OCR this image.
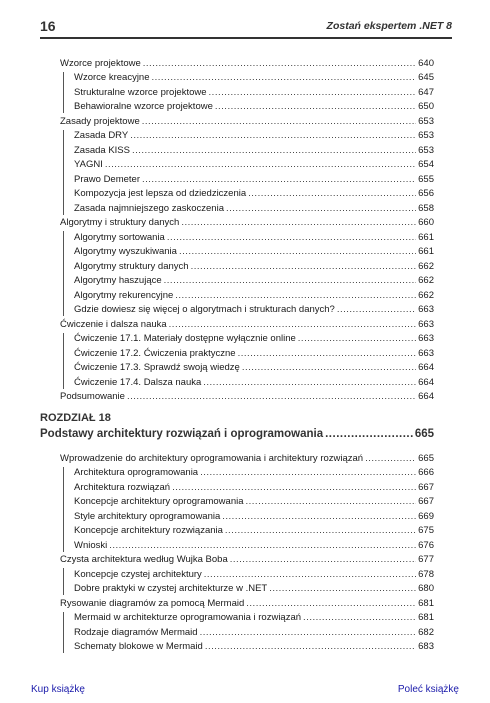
16	Zostań ekspertem .NET 8
Wzorce projektowe .....	640
Wzorce kreacyjne .....	645
Strukturalne wzorce projektowe .....	647
Behawioralne wzorce projektowe .....	650
Zasady projektowe .....	653
Zasada DRY .....	653
Zasada KISS .....	653
YAGNI .....	654
Prawo Demeter .....	655
Kompozycja jest lepsza od dziedziczenia .....	656
Zasada najmniejszego zaskoczenia .....	658
Algorytmy i struktury danych .....	660
Algorytmy sortowania .....	661
Algorytmy wyszukiwania .....	661
Algorytmy struktury danych .....	662
Algorytmy haszujące .....	662
Algorytmy rekurencyjne .....	662
Gdzie dowiesz się więcej o algorytmach i strukturach danych? .....	663
Ćwiczenie i dalsza nauka .....	663
Ćwiczenie 17.1. Materiały dostępne wyłącznie online .....	663
Ćwiczenie 17.2. Ćwiczenia praktyczne .....	663
Ćwiczenie 17.3. Sprawdź swoją wiedzę .....	664
Ćwiczenie 17.4. Dalsza nauka .....	664
Podsumowanie .....	664
ROZDZIAŁ 18
Podstawy architektury rozwiązań i oprogramowania .....	665
Wprowadzenie do architektury oprogramowania i architektury rozwiązań .....	665
Architektura oprogramowania .....	666
Architektura rozwiązań .....	667
Koncepcje architektury oprogramowania .....	667
Style architektury oprogramowania .....	669
Koncepcje architektury rozwiązania .....	675
Wnioski .....	676
Czysta architektura według Wujka Boba .....	677
Koncepcje czystej architektury .....	678
Dobre praktyki w czystej architekturze w .NET .....	680
Rysowanie diagramów za pomocą Mermaid .....	681
Mermaid w architekturze oprogramowania i rozwiązań .....	681
Rodzaje diagramów Mermaid .....	682
Schematy blokowe w Mermaid .....	683
Kup książkę	Poleć książkę
